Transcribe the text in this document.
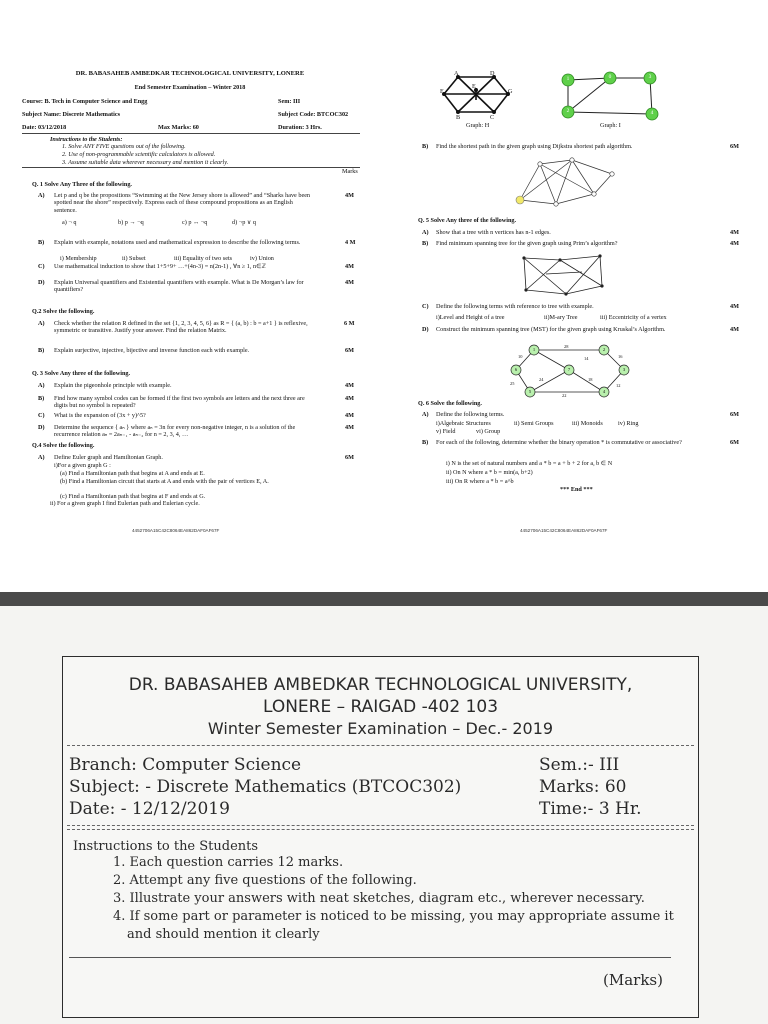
DR. BABASAHEB AMBEDKAR TECHNOLOGICAL UNIVERSITY, LONERE
End Semester Examination – Winter 2018
Course: B. Tech in Computer Science and Engg	Sem: III
Subject Name: Discrete Mathematics	Subject Code: BTCOC302
Date: 03/12/2018	Max Marks: 60	Duration: 3 Hrs.
Instructions to the Students:
1. Solve ANY FIVE questions out of the following.
2. Use of non-programmable scientific calculators is allowed.
3. Assume suitable data wherever necessary and mention it clearly.
Marks
Q. 1 Solve Any Three of the following.
A) Let p and q be the propositions “Swimming at the New Jersey shore is allowed” and “Sharks have been spotted near the shore” respectively. Express each of these compound propositions as an English sentence.
4M
a) ¬ q	b) p → ¬q	c) p ↔ ¬q	d) ¬p ∨ q
B) Explain with example, notations used and mathematical expression to describe the following terms.	4 M
i) Membership	ii) Subset	iii) Equality of two sets	iv) Union
C) Use mathematical induction to show that 1+5+9+ …+(4n-3) = n(2n-1) , ∀n ≥ 1, n∈ℤ	4M
D) Explain Universal quantifiers and Existential quantifiers with example. What is De Morgan’s law for quantifiers?
4M
Q.2 Solve the following.
A) Check whether the relation R defined in the set {1, 2, 3, 4, 5, 6} as R = { (a, b) : b = a+1 } is reflexive, symmetric or transitive. Justify your answer. Find the relation Matrix.
6 M
B) Explain surjective, injective, bijective and inverse function each with example.	6M
Q. 3 Solve Any three of the following.
A) Explain the pigeonhole principle with example.	4M
B) Find how many symbol codes can be formed if the first two symbols are letters and the next three are digits but no symbol is repeated?
4M
C) What is the expansion of (3x + y)^5?	4M
D) Determine the sequence { aₙ } where aₙ = 3n for every non-negative integer, n is a solution of the recurrence relation aₙ = 2aₙ₋₁ - aₙ₋₂ for n = 2, 3, 4, …
4M
Q.4 Solve the following.
A) Define Euler graph and Hamiltonian Graph.	6M
i)For a given graph G :
(a) Find a Hamiltonian path that begins at A and ends at E.
(b) Find a Hamiltonian circuit that starts at A and ends with the pair of vertices E, A.
(c) Find a Hamiltonian path that begins at F and ends at G.
ii) For a given graph I find Eulerian path and Eulerian cycle.
4452706A15C42C8064EA862DAF0AF67F
A	D
F
E
G
B	C
Graph: H
1	0	3
2	4
Graph: I
B) Find the shortest path in the given graph using Dijkstra shortest path algorithm.	6M
Q. 5 Solve Any three of the following.
A) Show that a tree with n vertices has n-1 edges.	4M
B) Find minimum spanning tree for the given graph using Prim’s algorithm?	4M
C) Define the following terms with reference to tree with example.	4M
i)Level and Height of a tree	ii)M-ary Tree	iii) Eccentricity of a vertex
D) Construct the minimum spanning tree (MST) for the given graph using Kruskal’s Algorithm.	4M
1	2
6	7	3
5	4
28
10	14	16
25
24	18
12
22
Q. 6 Solve the following.
A) Define the following terms.	6M
i)Algebraic Structures	ii) Semi Groups	iii) Monoids iv) Ring
v) Field	vi) Group
B) For each of the following, determine whether the binary operation * is commutative or associative?	6M
i) N is the set of natural numbers and a * b = a + b + 2 for a, b ∈ N
ii) On N where a * b = min(a, b+2)
iii) On R where a * b = a^b
*** End ***
4452706A15C42C8064EA862DAF0AF67F
DR. BABASAHEB AMBEDKAR TECHNOLOGICAL UNIVERSITY,
LONERE – RAIGAD -402 103
Winter Semester Examination – Dec.- 2019
Branch: Computer Science	Sem.:- III
Subject: - Discrete Mathematics (BTCOC302)	Marks: 60
Date: - 12/12/2019	Time:- 3 Hr.
Instructions to the Students
1. Each question carries 12 marks.
2. Attempt any five questions of the following.
3. Illustrate your answers with neat sketches, diagram etc., wherever necessary.
4. If some part or parameter is noticed to be missing, you may appropriate assume it
and should mention it clearly
(Marks)
